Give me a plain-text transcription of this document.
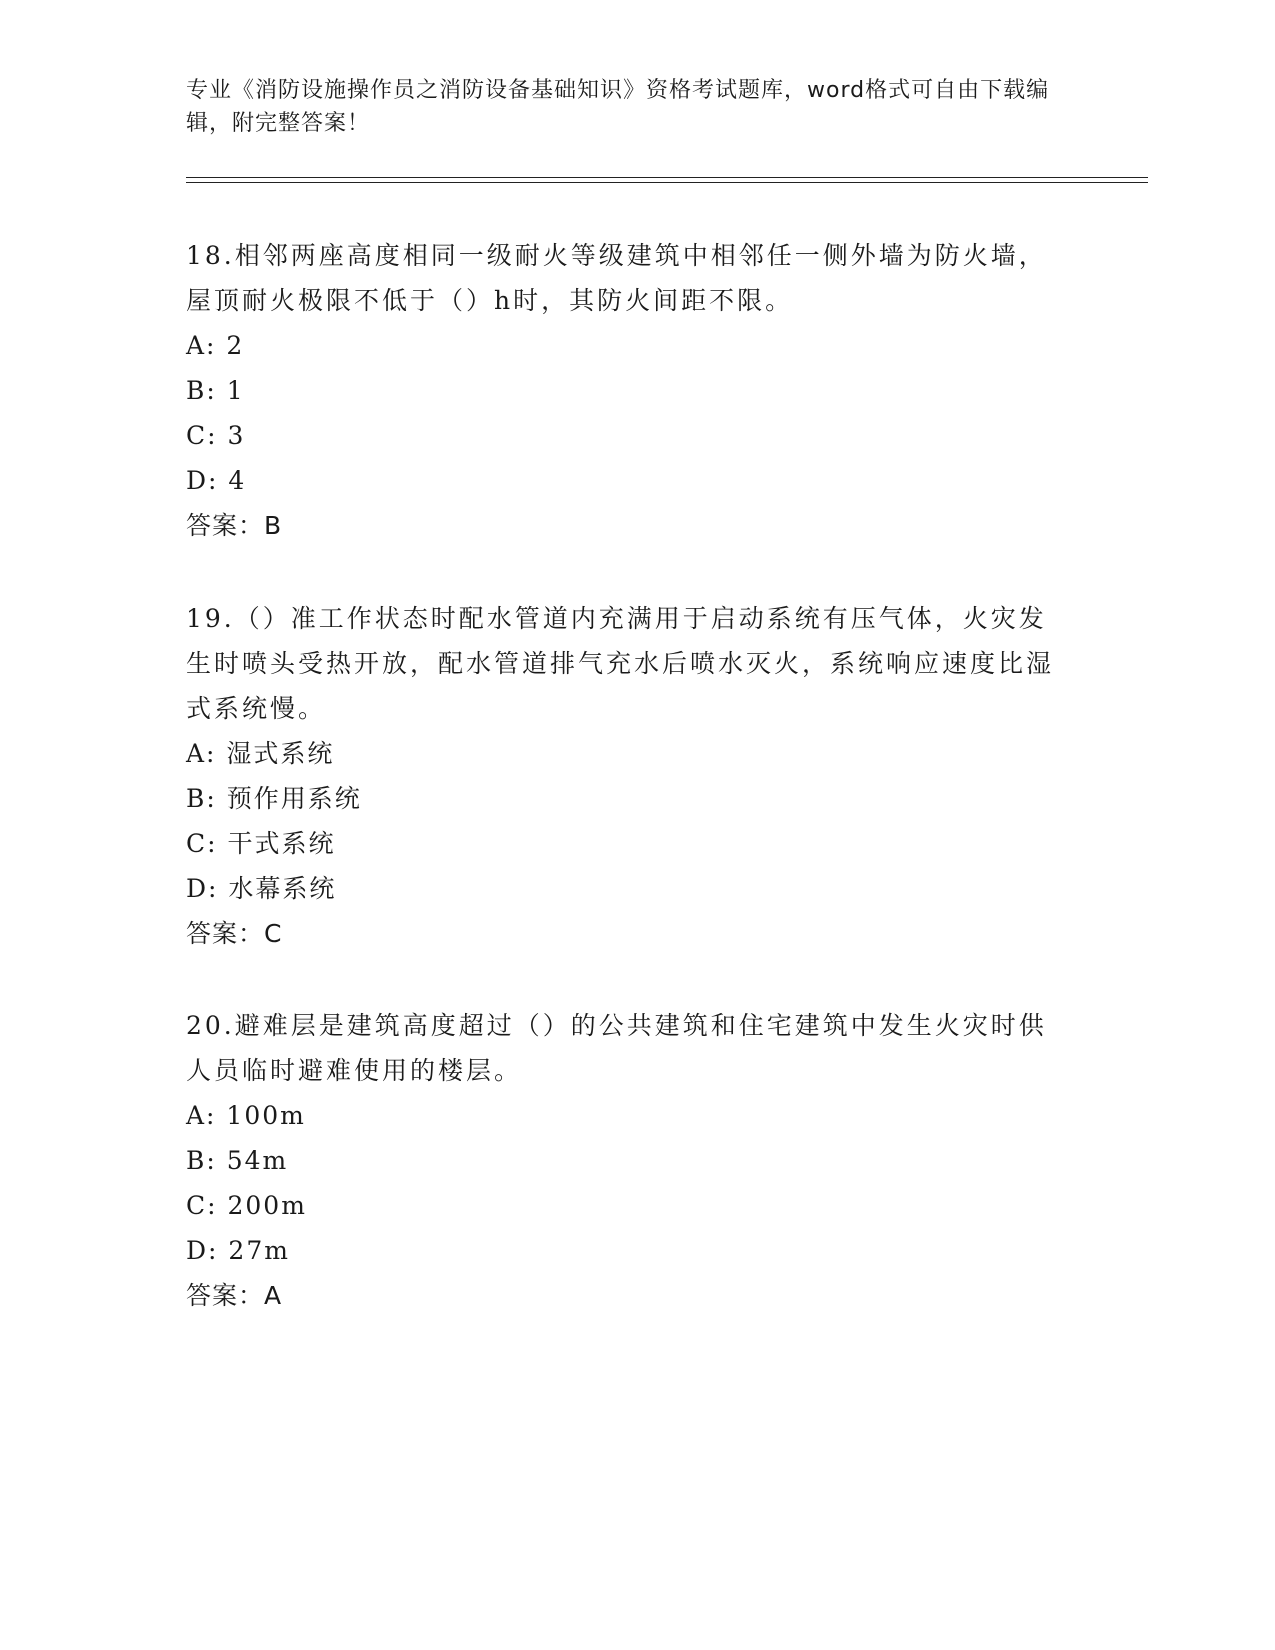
专业《消防设施操作员之消防设备基础知识》资格考试题库，word格式可自由下载编辑，附完整答案！

18.相邻两座高度相同一级耐火等级建筑中相邻任一侧外墙为防火墙，屋顶耐火极限不低于（）h时，其防火间距不限。

A: 2

B: 1

C: 3

D: 4

答案：B

19.（）准工作状态时配水管道内充满用于启动系统有压气体，火灾发生时喷头受热开放，配水管道排气充水后喷水灭火，系统响应速度比湿式系统慢。

A: 湿式系统

B: 预作用系统

C: 干式系统

D: 水幕系统

答案：C

20.避难层是建筑高度超过（）的公共建筑和住宅建筑中发生火灾时供人员临时避难使用的楼层。

A: 100m

B: 54m

C: 200m

D: 27m

答案：A
